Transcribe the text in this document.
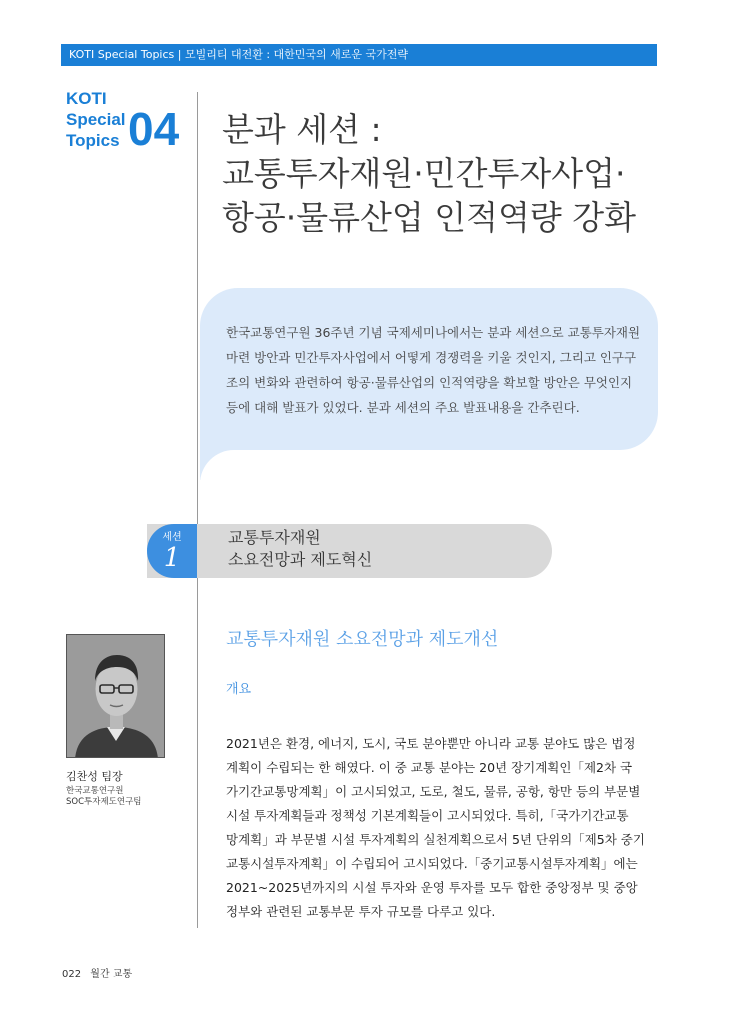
KOTI Special Topics | 모빌리티 대전환 : 대한민국의 새로운 국가전략
KOTI
Special
Topics 04 분과 세션 :
교통투자재원·민간투자사업·
항공·물류산업 인적역량 강화

한국교통연구원 36주년 기념 국제세미나에서는 분과 세션으로 교통투자재원 마련 방안과 민간투자사업에서 어떻게 경쟁력을 키울 것인지, 그리고 인구구조의 변화와 관련하여 항공·물류산업의 인적역량을 확보할 방안은 무엇인지 등에 대해 발표가 있었다. 분과 세션의 주요 발표내용을 간추린다.

세션
1
교통투자재원
소요전망과 제도혁신
김찬성 팀장
한국교통연구원
SOC투자제도연구팀
교통투자재원 소요전망과 제도개선
개요
2021년은 환경, 에너지, 도시, 국토 분야뿐만 아니라 교통 분야도 많은 법정
계획이 수립되는 한 해였다. 이 중 교통 분야는 20년 장기계획인「제2차 국
가기간교통망계획」이 고시되었고, 도로, 철도, 물류, 공항, 항만 등의 부문별
시설 투자계획들과 정책성 기본계획들이 고시되었다. 특히,「국가기간교통
망계획」과 부문별 시설 투자계획의 실천계획으로서 5년 단위의「제5차 중기
교통시설투자계획」이 수립되어 고시되었다.「중기교통시설투자계획」에는
2021~2025년까지의 시설 투자와 운영 투자를 모두 합한 중앙정부 및 중앙
정부와 관련된 교통부문 투자 규모를 다루고 있다.
022 월간 교통
